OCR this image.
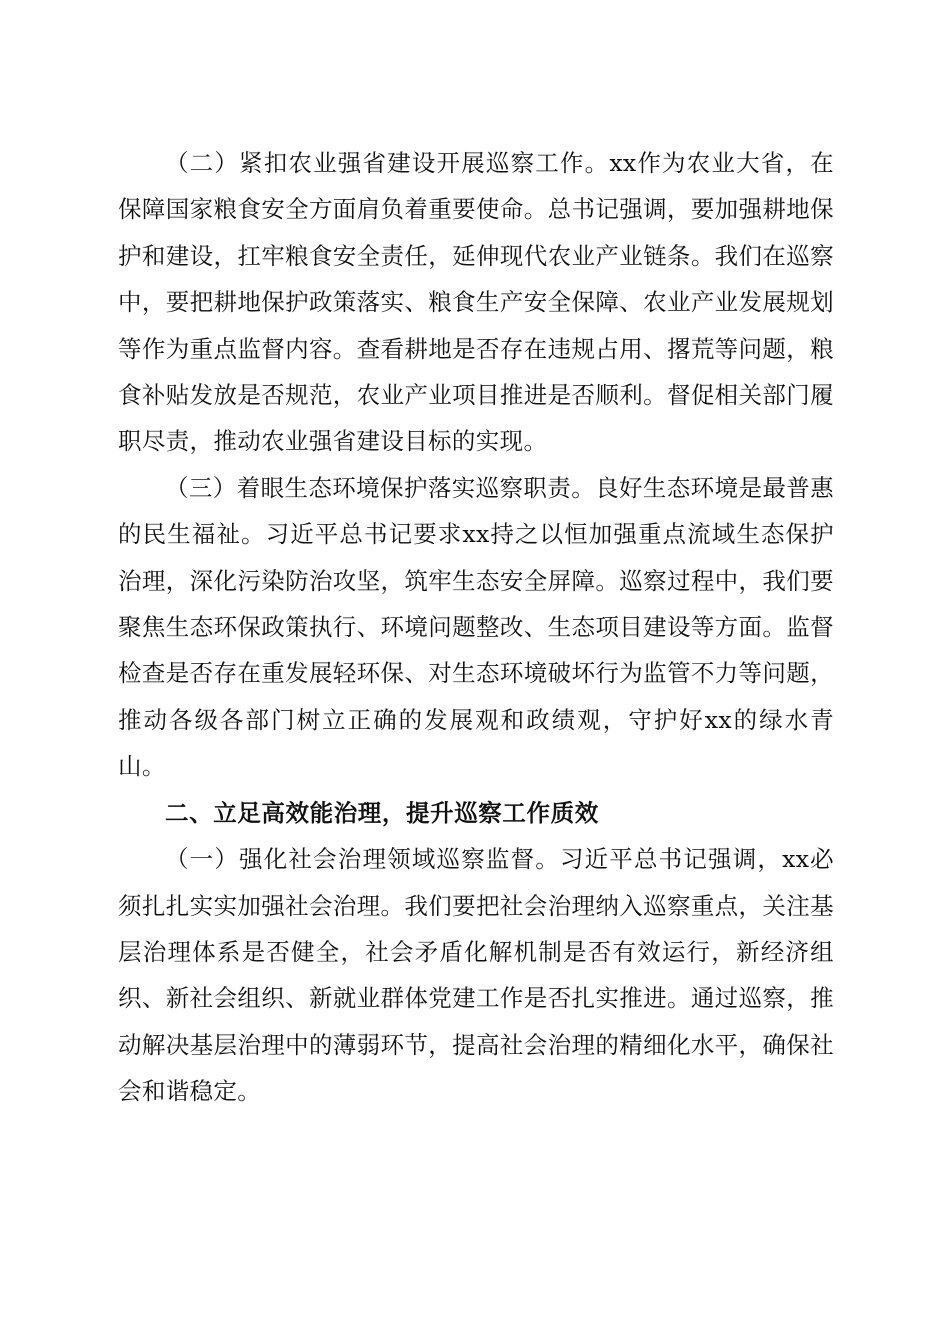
（二）紧扣农业强省建设开展巡察工作。xx作为农业大省，在保障国家粮食安全方面肩负着重要使命。总书记强调，要加强耕地保护和建设，扛牢粮食安全责任，延伸现代农业产业链条。我们在巡察中，要把耕地保护政策落实、粮食生产安全保障、农业产业发展规划等作为重点监督内容。查看耕地是否存在违规占用、撂荒等问题，粮食补贴发放是否规范，农业产业项目推进是否顺利。督促相关部门履职尽责，推动农业强省建设目标的实现。

（三）着眼生态环境保护落实巡察职责。良好生态环境是最普惠的民生福祉。习近平总书记要求xx持之以恒加强重点流域生态保护治理，深化污染防治攻坚，筑牢生态安全屏障。巡察过程中，我们要聚焦生态环保政策执行、环境问题整改、生态项目建设等方面。监督检查是否存在重发展轻环保、对生态环境破坏行为监管不力等问题，推动各级各部门树立正确的发展观和政绩观，守护好xx的绿水青山。

二、立足高效能治理，提升巡察工作质效

（一）强化社会治理领域巡察监督。习近平总书记强调，xx必须扎扎实实加强社会治理。我们要把社会治理纳入巡察重点，关注基层治理体系是否健全，社会矛盾化解机制是否有效运行，新经济组织、新社会组织、新就业群体党建工作是否扎实推进。通过巡察，推动解决基层治理中的薄弱环节，提高社会治理的精细化水平，确保社会和谐稳定。
